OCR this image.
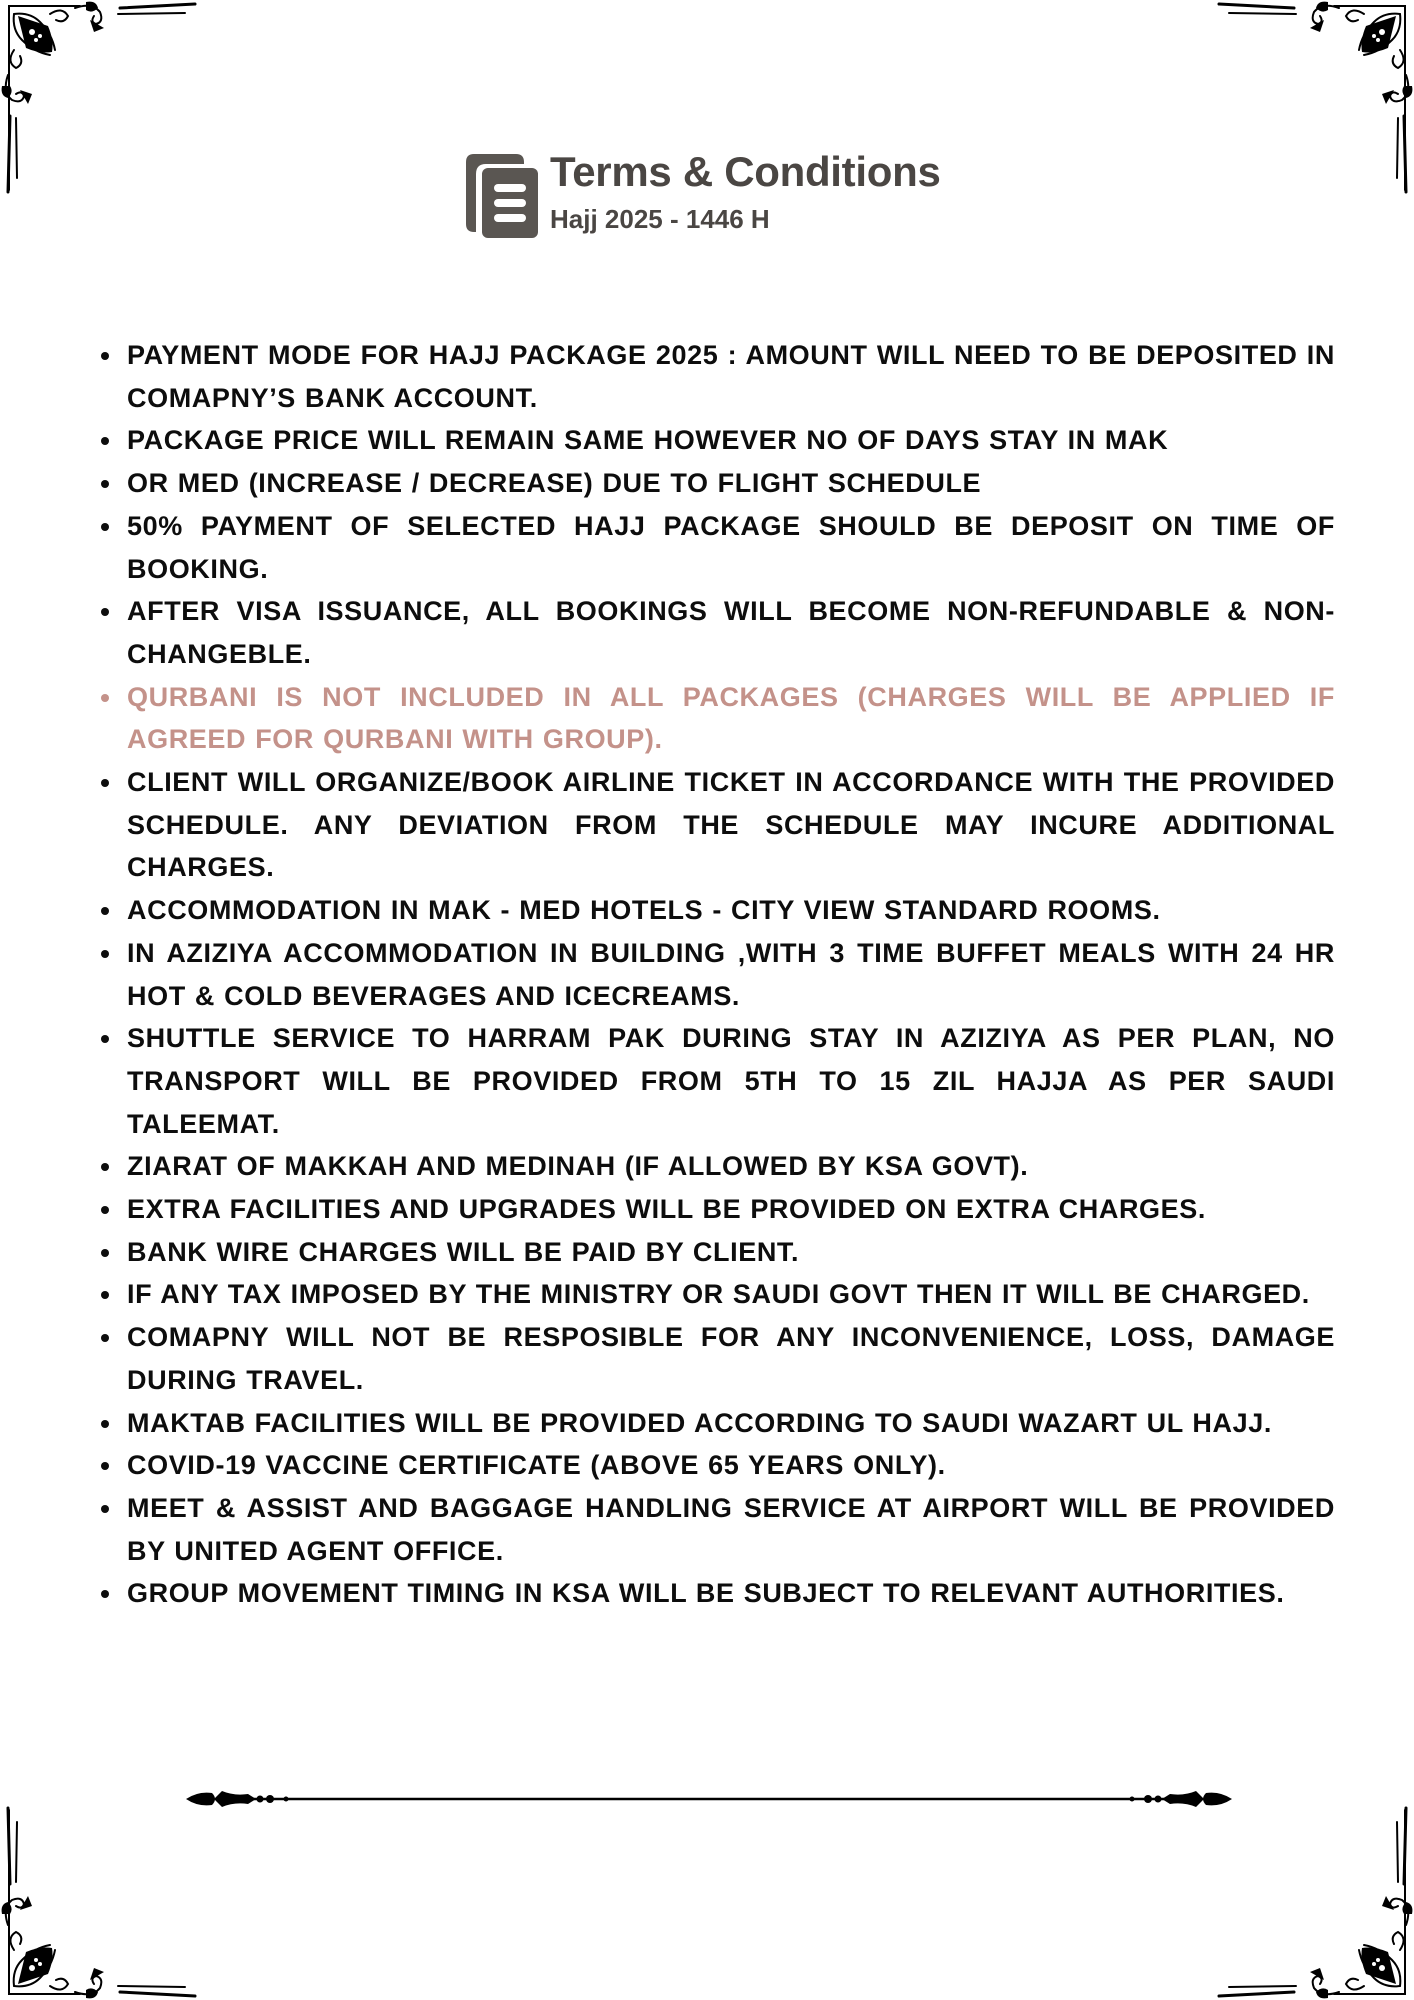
Terms & Conditions
Hajj 2025 - 1446 H
PAYMENT MODE FOR HAJJ PACKAGE 2025 : AMOUNT WILL NEED TO BE DEPOSITED IN COMAPNY’S BANK ACCOUNT.
PACKAGE PRICE WILL REMAIN SAME HOWEVER NO OF DAYS STAY IN MAK
OR MED (INCREASE / DECREASE) DUE TO FLIGHT SCHEDULE
50% PAYMENT OF SELECTED HAJJ PACKAGE SHOULD BE DEPOSIT ON TIME OF BOOKING.
AFTER VISA ISSUANCE, ALL BOOKINGS WILL BECOME NON-REFUNDABLE & NON-CHANGEBLE.
QURBANI IS NOT INCLUDED IN ALL PACKAGES (CHARGES WILL BE APPLIED IF AGREED FOR QURBANI WITH GROUP).
CLIENT WILL ORGANIZE/BOOK AIRLINE TICKET IN ACCORDANCE WITH THE PROVIDED SCHEDULE. ANY DEVIATION FROM THE SCHEDULE MAY INCURE ADDITIONAL CHARGES.
ACCOMMODATION IN MAK - MED HOTELS - CITY VIEW STANDARD ROOMS.
IN AZIZIYA ACCOMMODATION IN BUILDING ,WITH 3 TIME BUFFET MEALS WITH 24 HR HOT & COLD BEVERAGES AND ICECREAMS.
SHUTTLE SERVICE TO HARRAM PAK DURING STAY IN AZIZIYA AS PER PLAN, NO TRANSPORT WILL BE PROVIDED FROM 5TH TO 15 ZIL HAJJA AS PER SAUDI TALEEMAT.
ZIARAT OF MAKKAH AND MEDINAH (IF ALLOWED BY KSA GOVT).
EXTRA FACILITIES AND UPGRADES WILL BE PROVIDED ON EXTRA CHARGES.
BANK WIRE CHARGES WILL BE PAID BY CLIENT.
IF ANY TAX IMPOSED BY THE MINISTRY OR SAUDI GOVT THEN IT WILL BE CHARGED.
COMAPNY WILL NOT BE RESPOSIBLE FOR ANY INCONVENIENCE, LOSS, DAMAGE DURING TRAVEL.
MAKTAB FACILITIES WILL BE PROVIDED ACCORDING TO SAUDI WAZART UL HAJJ.
COVID-19 VACCINE CERTIFICATE (ABOVE 65 YEARS ONLY).
MEET & ASSIST AND BAGGAGE HANDLING SERVICE AT AIRPORT WILL BE PROVIDED BY UNITED AGENT OFFICE.
GROUP MOVEMENT TIMING IN KSA WILL BE SUBJECT TO RELEVANT AUTHORITIES.
